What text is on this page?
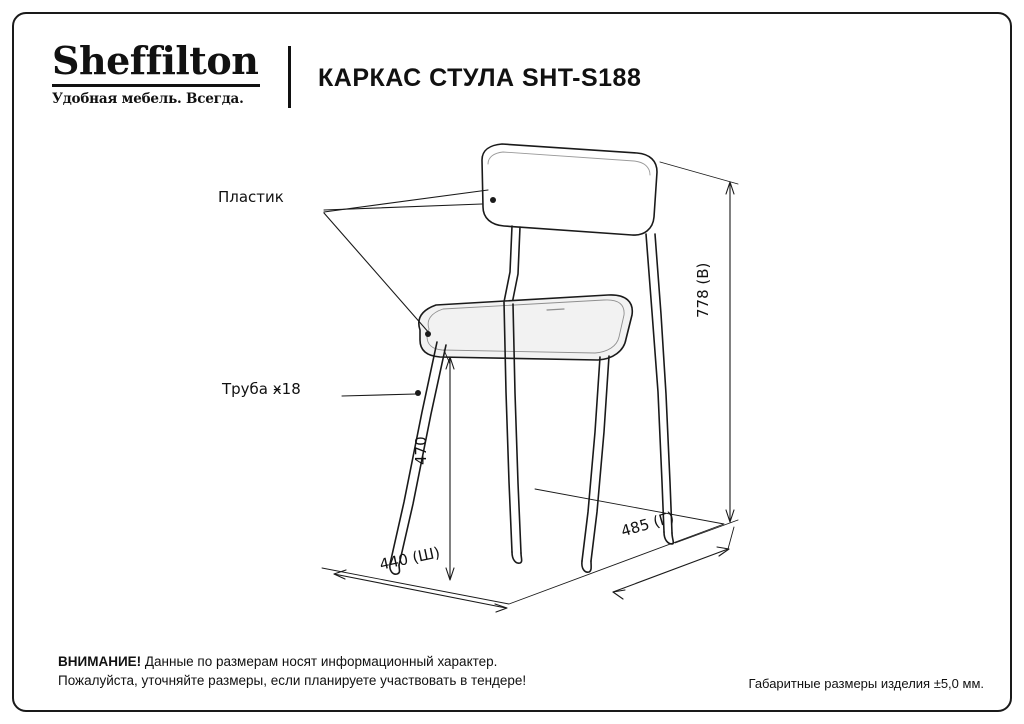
Sheffilton
Удобная мебель. Всегда.
КАРКАС СТУЛА SHT-S188
Пластик
Труба ӿ18
778 (В)
470
440 (Ш)
485 (Г)
ВНИМАНИЕ! Данные по размерам носят информационный характер.
Пожалуйста, уточняйте размеры, если планируете участвовать в тендере!	Габаритные размеры изделия ±5,0 мм.
